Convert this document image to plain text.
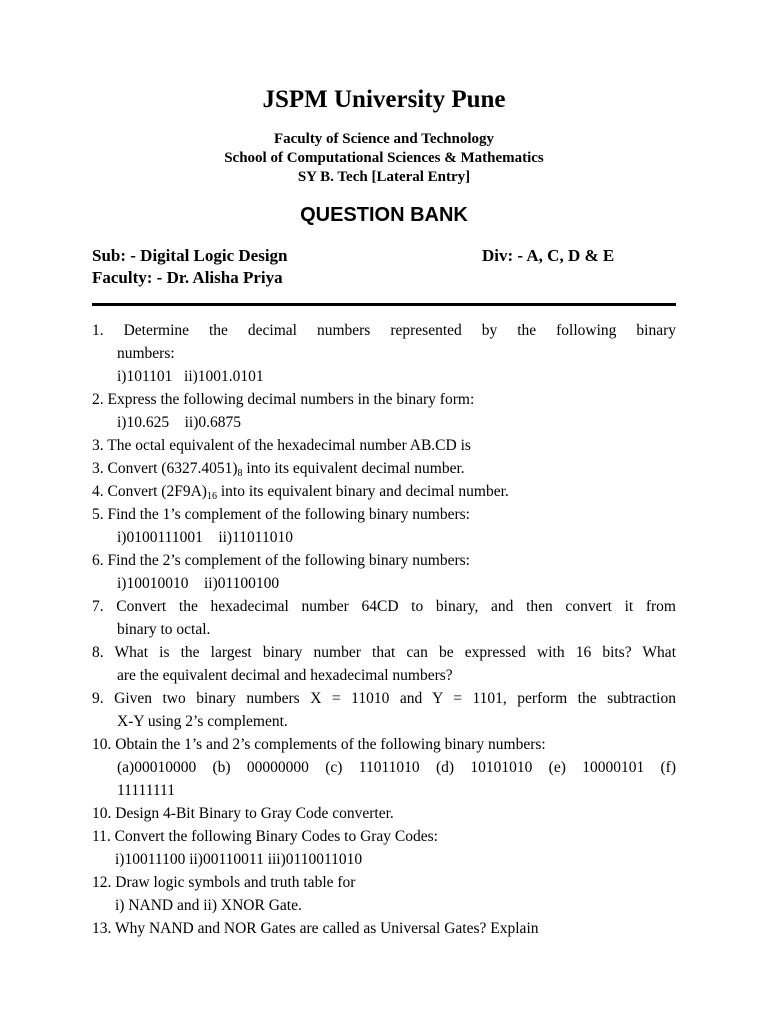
JSPM University Pune
Faculty of Science and Technology
School of Computational Sciences & Mathematics
SY B. Tech [Lateral Entry]
QUESTION BANK
Sub: - Digital Logic Design	Div: - A, C, D & E
Faculty: - Dr. Alisha Priya
1. Determine the decimal numbers represented by the following binary
numbers:
i)101101   ii)1001.0101
2. Express the following decimal numbers in the binary form:
i)10.625    ii)0.6875
3. The octal equivalent of the hexadecimal number AB.CD is
3. Convert $(6327.4051)_8$ into its equivalent decimal number.
4. Convert $(2F9A)_{16}$ into its equivalent binary and decimal number.
5. Find the 1’s complement of the following binary numbers:
i)0100111001    ii)11011010
6. Find the 2’s complement of the following binary numbers:
i)10010010    ii)01100100
7. Convert the hexadecimal number 64CD to binary, and then convert it from
binary to octal.
8. What is the largest binary number that can be expressed with 16 bits? What
are the equivalent decimal and hexadecimal numbers?
9. Given two binary numbers X = 11010 and Y = 1101, perform the subtraction
X-Y using 2’s complement.
10. Obtain the 1’s and 2’s complements of the following binary numbers:
(a)00010000 (b) 00000000 (c) 11011010 (d) 10101010 (e) 10000101 (f)
11111111
10. Design 4-Bit Binary to Gray Code converter.
11. Convert the following Binary Codes to Gray Codes:
i)10011100 ii)00110011 iii)0110011010
12. Draw logic symbols and truth table for
i) NAND and ii) XNOR Gate.
13. Why NAND and NOR Gates are called as Universal Gates? Explain
